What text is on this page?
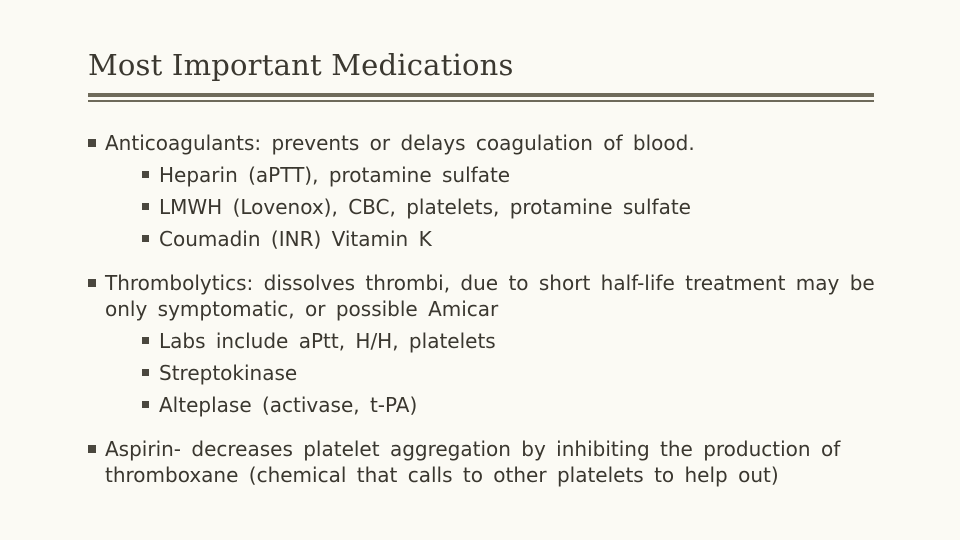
Most Important Medications
Anticoagulants: prevents or delays coagulation of blood.
Heparin (aPTT), protamine sulfate
LMWH (Lovenox), CBC, platelets, protamine sulfate
Coumadin (INR) Vitamin K
Thrombolytics: dissolves thrombi, due to short half-life treatment may be only symptomatic, or possible Amicar
Labs include aPtt, H/H, platelets
Streptokinase
Alteplase (activase, t-PA)
Aspirin- decreases platelet aggregation by inhibiting the production of thromboxane (chemical that calls to other platelets to help out)
